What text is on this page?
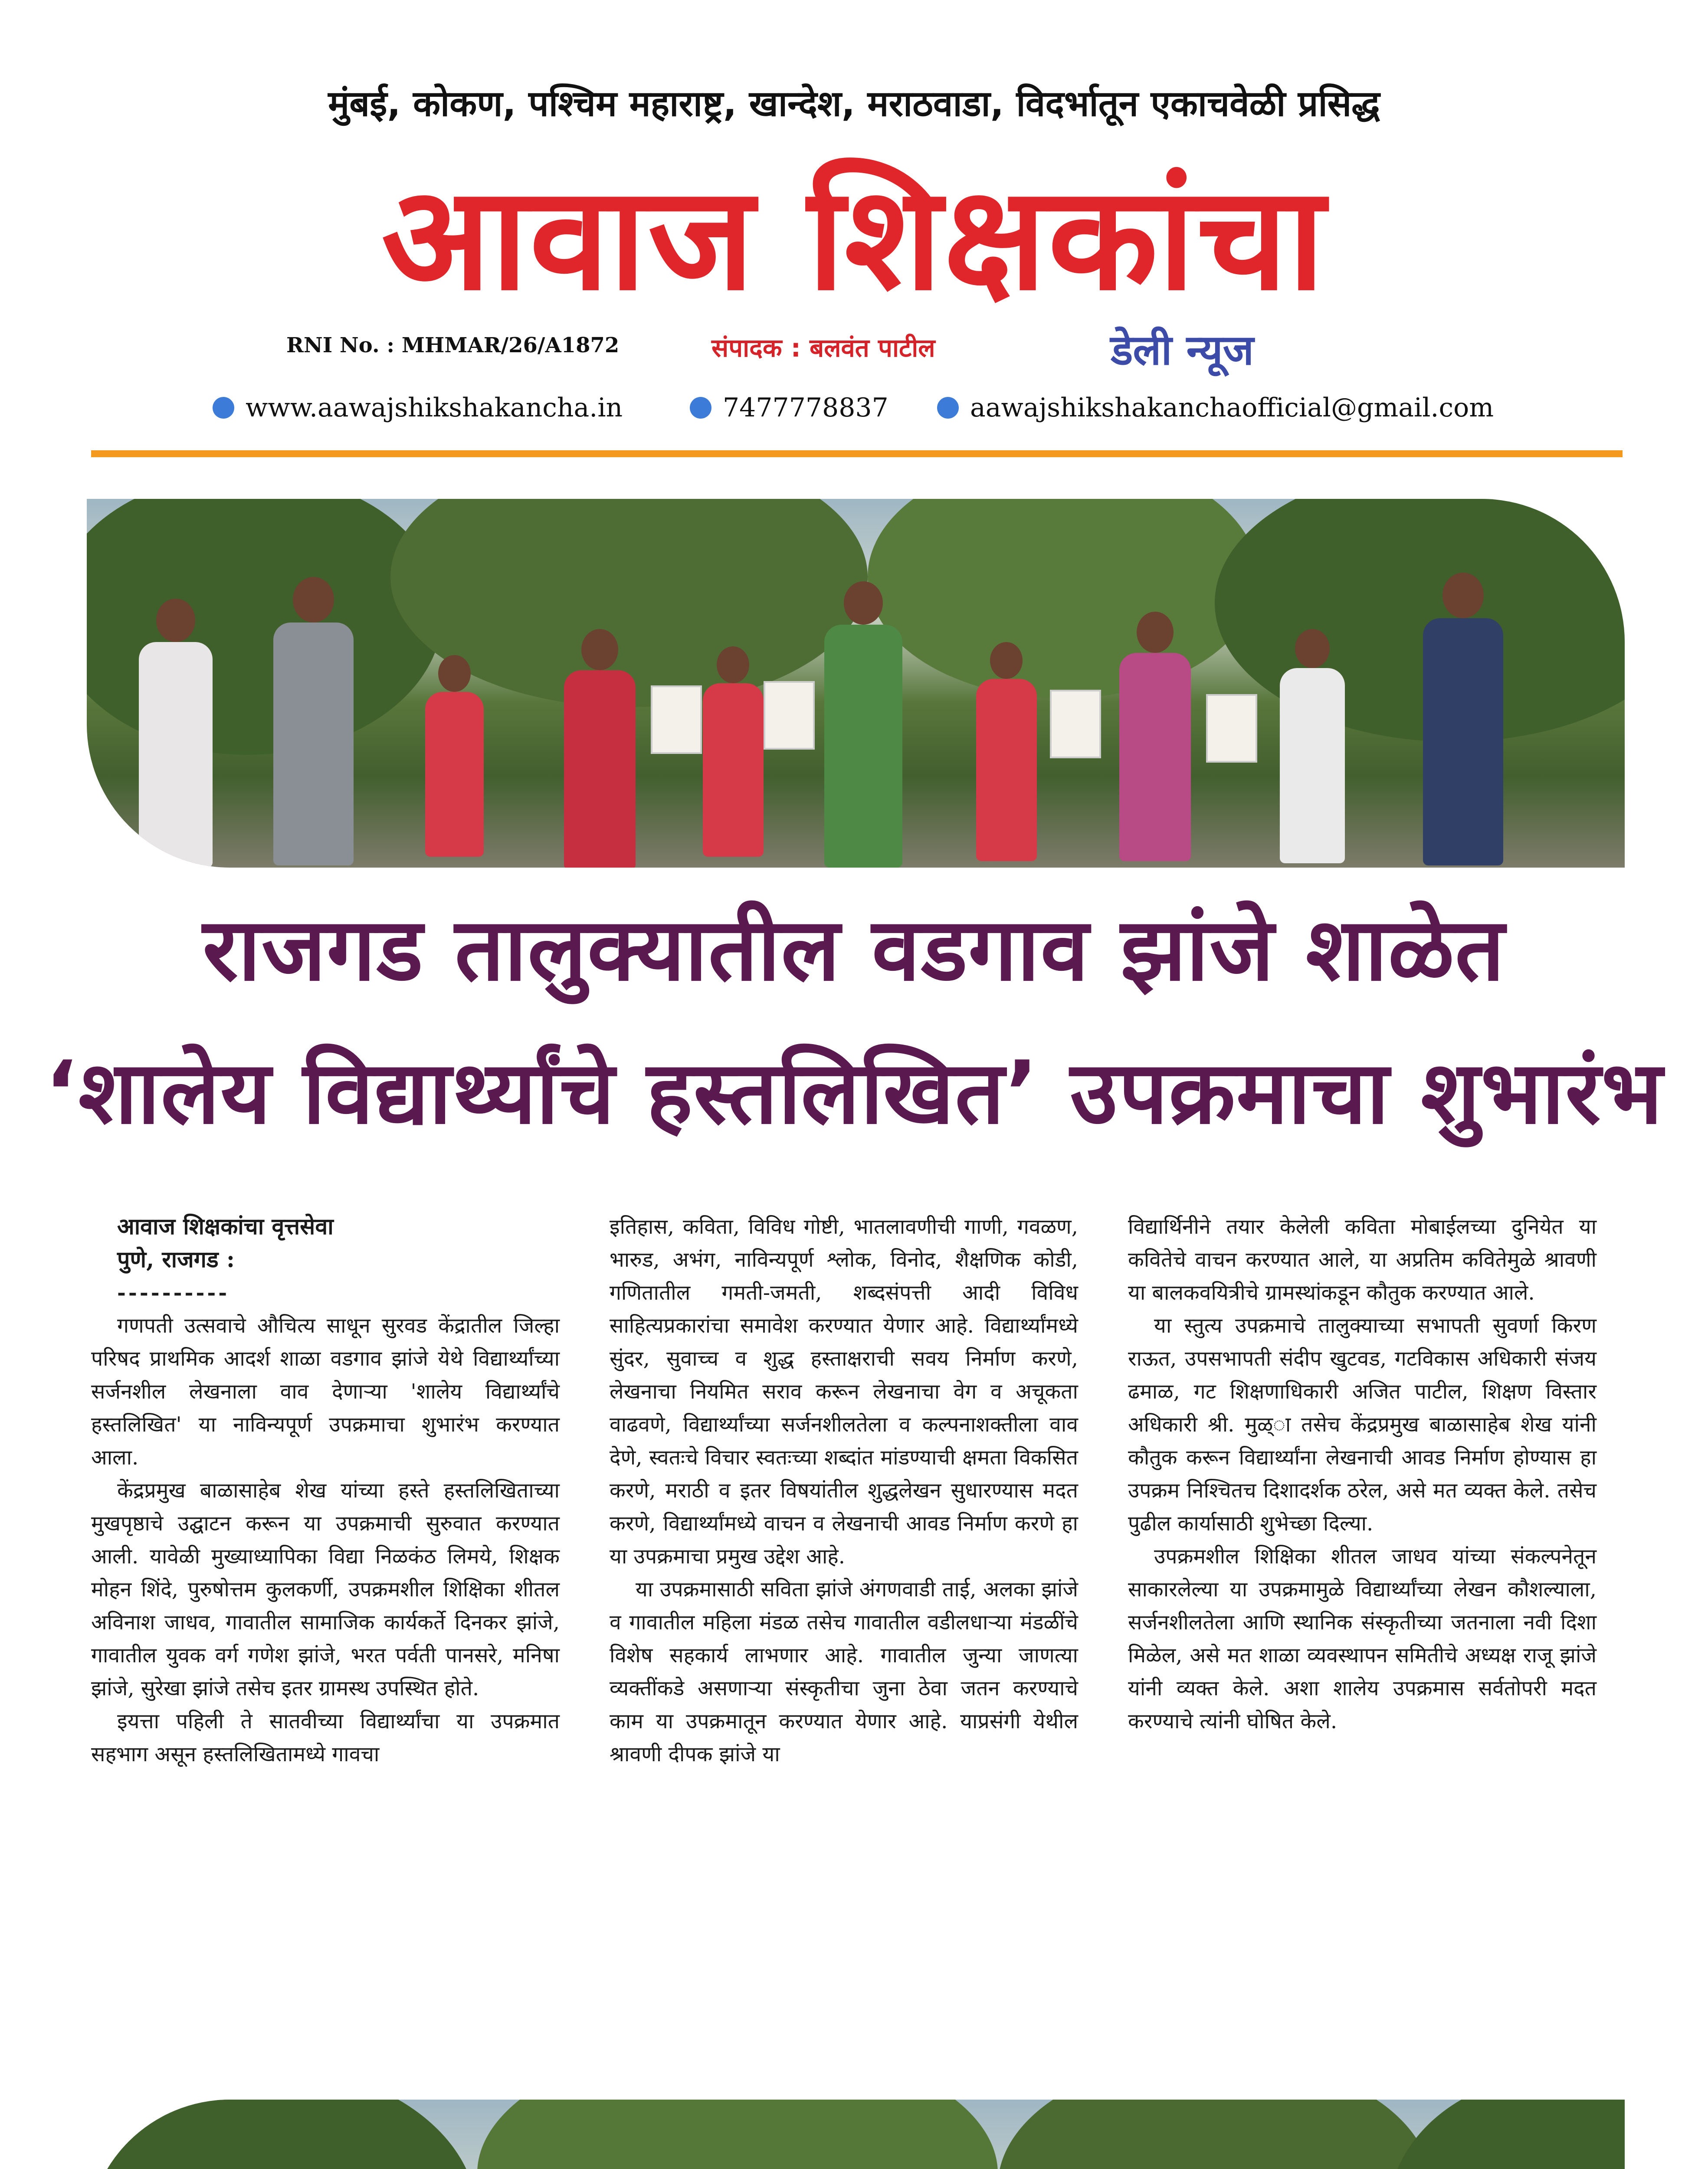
मुंबई, कोकण, पश्चिम महाराष्ट्र, खान्देश, मराठवाडा, विदर्भातून एकाचवेळी प्रसिद्ध
आवाज शिक्षकांचा
RNI No. : MHMAR/26/A1872	संपादक : बलवंत पाटील	डेली न्यूज
www.aawajshikshakancha.in	7477778837	aawajshikshakanchaofficial@gmail.com
राजगड तालुक्यातील वडगाव झांजे शाळेत
‘शालेय विद्यार्थ्यांचे हस्तलिखित’ उपक्रमाचा शुभारंभ

आवाज शिक्षकांचा वृत्तसेवा

पुणे, राजगड :

----------

गणपती उत्सवाचे औचित्य साधून सुरवड केंद्रातील जिल्हा परिषद प्राथमिक आदर्श शाळा वडगाव झांजे येथे विद्यार्थ्यांच्या सर्जनशील लेखनाला वाव देणाऱ्या 'शालेय विद्यार्थ्यांचे हस्तलिखित' या नाविन्यपूर्ण उपक्रमाचा शुभारंभ करण्यात आला.

केंद्रप्रमुख बाळासाहेब शेख यांच्या हस्ते हस्तलिखिताच्या मुखपृष्ठाचे उद्घाटन करून या उपक्रमाची सुरुवात करण्यात आली. यावेळी मुख्याध्यापिका विद्या निळकंठ लिमये, शिक्षक मोहन शिंदे, पुरुषोत्तम कुलकर्णी, उपक्रमशील शिक्षिका शीतल अविनाश जाधव, गावातील सामाजिक कार्यकर्ते दिनकर झांजे, गावातील युवक वर्ग गणेश झांजे, भरत पर्वती पानसरे, मनिषा झांजे, सुरेखा झांजे तसेच इतर ग्रामस्थ उपस्थित होते.

इयत्ता पहिली ते सातवीच्या विद्यार्थ्यांचा या उपक्रमात सहभाग असून हस्तलिखितामध्ये गावचा

इतिहास, कविता, विविध गोष्टी, भातलावणीची गाणी, गवळण, भारुड, अभंग, नाविन्यपूर्ण श्लोक, विनोद, शैक्षणिक कोडी, गणितातील गमती-जमती, शब्दसंपत्ती आदी विविध साहित्यप्रकारांचा समावेश करण्यात येणार आहे. विद्यार्थ्यांमध्ये सुंदर, सुवाच्च व शुद्ध हस्ताक्षराची सवय निर्माण करणे, लेखनाचा नियमित सराव करून लेखनाचा वेग व अचूकता वाढवणे, विद्यार्थ्यांच्या सर्जनशीलतेला व कल्पनाशक्तीला वाव देणे, स्वतःचे विचार स्वतःच्या शब्दांत मांडण्याची क्षमता विकसित करणे, मराठी व इतर विषयांतील शुद्धलेखन सुधारण्यास मदत करणे, विद्यार्थ्यांमध्ये वाचन व लेखनाची आवड निर्माण करणे हा या उपक्रमाचा प्रमुख उद्देश आहे.

या उपक्रमासाठी सविता झांजे अंगणवाडी ताई, अलका झांजे व गावातील महिला मंडळ तसेच गावातील वडीलधाऱ्या मंडळींचे विशेष सहकार्य लाभणार आहे. गावातील जुन्या जाणत्या व्यक्तींकडे असणाऱ्या संस्कृतीचा जुना ठेवा जतन करण्याचे काम या उपक्रमातून करण्यात येणार आहे. याप्रसंगी येथील श्रावणी दीपक झांजे या

विद्यार्थिनीने तयार केलेली कविता मोबाईलच्या दुनियेत या कवितेचे वाचन करण्यात आले, या अप्रतिम कवितेमुळे श्रावणी या बालकवयित्रीचे ग्रामस्थांकडून कौतुक करण्यात आले.

या स्तुत्य उपक्रमाचे तालुक्याच्या सभापती सुवर्णा किरण राऊत, उपसभापती संदीप खुटवड, गटविकास अधिकारी संजय ढमाळ, गट शिक्षणाधिकारी अजित पाटील, शिक्षण विस्तार अधिकारी श्री. मुळ्ा तसेच केंद्रप्रमुख बाळासाहेब शेख यांनी कौतुक करून विद्यार्थ्यांना लेखनाची आवड निर्माण होण्यास हा उपक्रम निश्चितच दिशादर्शक ठरेल, असे मत व्यक्त केले. तसेच पुढील कार्यासाठी शुभेच्छा दिल्या.

उपक्रमशील शिक्षिका शीतल जाधव यांच्या संकल्पनेतून साकारलेल्या या उपक्रमामुळे विद्यार्थ्यांच्या लेखन कौशल्याला, सर्जनशीलतेला आणि स्थानिक संस्कृतीच्या जतनाला नवी दिशा मिळेल, असे मत शाळा व्यवस्थापन समितीचे अध्यक्ष राजू झांजे यांनी व्यक्त केले. अशा शालेय उपक्रमास सर्वतोपरी मदत करण्याचे त्यांनी घोषित केले.
